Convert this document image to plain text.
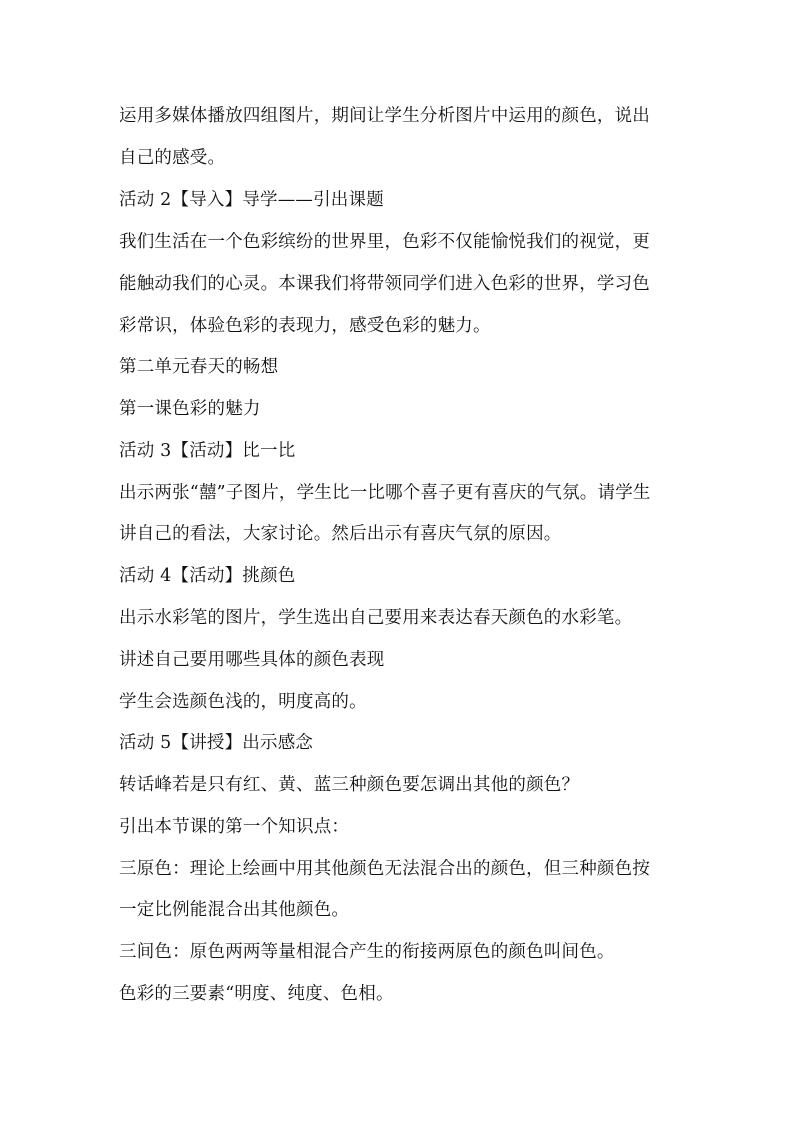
运用多媒体播放四组图片，期间让学生分析图片中运用的颜色，说出

自己的感受。

活动 2【导入】导学——引出课题

我们生活在一个色彩缤纷的世界里，色彩不仅能愉悦我们的视觉，更

能触动我们的心灵。本课我们将带领同学们进入色彩的世界，学习色

彩常识，体验色彩的表现力，感受色彩的魅力。

第二单元春天的畅想

第一课色彩的魅力

活动 3【活动】比一比

出示两张“囍”子图片，学生比一比哪个喜子更有喜庆的气氛。请学生

讲自己的看法，大家讨论。然后出示有喜庆气氛的原因。

活动 4【活动】挑颜色

出示水彩笔的图片，学生选出自己要用来表达春天颜色的水彩笔。

讲述自己要用哪些具体的颜色表现

学生会选颜色浅的，明度高的。

活动 5【讲授】出示感念

转话峰若是只有红、黄、蓝三种颜色要怎调出其他的颜色？

引出本节课的第一个知识点：

三原色：理论上绘画中用其他颜色无法混合出的颜色，但三种颜色按

一定比例能混合出其他颜色。

三间色：原色两两等量相混合产生的衔接两原色的颜色叫间色。

色彩的三要素“明度、纯度、色相。
